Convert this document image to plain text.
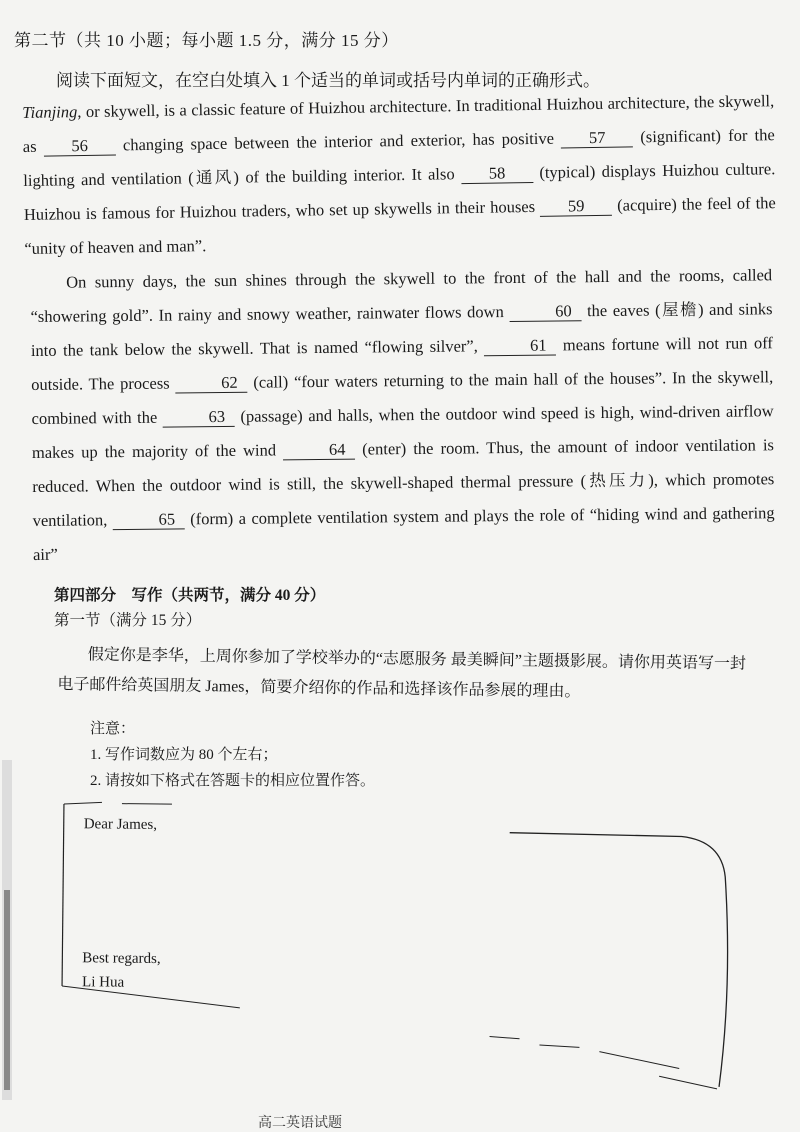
第二节（共 10 小题；每小题 1.5 分，满分 15 分）
阅读下面短文，在空白处填入 1 个适当的单词或括号内单词的正确形式。
Tianjing, or skywell, is a classic feature of Huizhou architecture. In traditional Huizhou architecture, the skywell, as 56 changing space between the interior and exterior, has positive 57 (significant) for the lighting and ventilation (通风) of the building interior. It also 58 (typical) displays Huizhou culture. Huizhou is famous for Huizhou traders, who set up skywells in their houses 59 (acquire) the feel of the “unity of heaven and man”.
On sunny days, the sun shines through the skywell to the front of the hall and the rooms, called “showering gold”. In rainy and snowy weather, rainwater flows down	60 the eaves (屋檐) and sinks into the tank below the skywell. That is named “flowing silver”,	61 means fortune will not run off outside. The process	62 (call) “four waters returning to the main hall of the houses”. In the skywell, combined with the	63 (passage) and halls, when the outdoor wind speed is high, wind-driven airflow makes up the majority of the wind	64 (enter) the room. Thus, the amount of indoor ventilation is reduced. When the outdoor wind is still, the skywell-shaped thermal pressure (热压力), which promotes ventilation,	65 (form) a complete ventilation system and plays the role of “hiding wind and gathering air”
第四部分　写作（共两节，满分 40 分）
第一节（满分 15 分）
假定你是李华，上周你参加了学校举办的“志愿服务 最美瞬间”主题摄影展。请你用英语写一封电子邮件给英国朋友 James，简要介绍你的作品和选择该作品参展的理由。
注意：
1. 写作词数应为 80 个左右；
2. 请按如下格式在答题卡的相应位置作答。
Dear James,
Best regards,
Li Hua
高二英语试题
